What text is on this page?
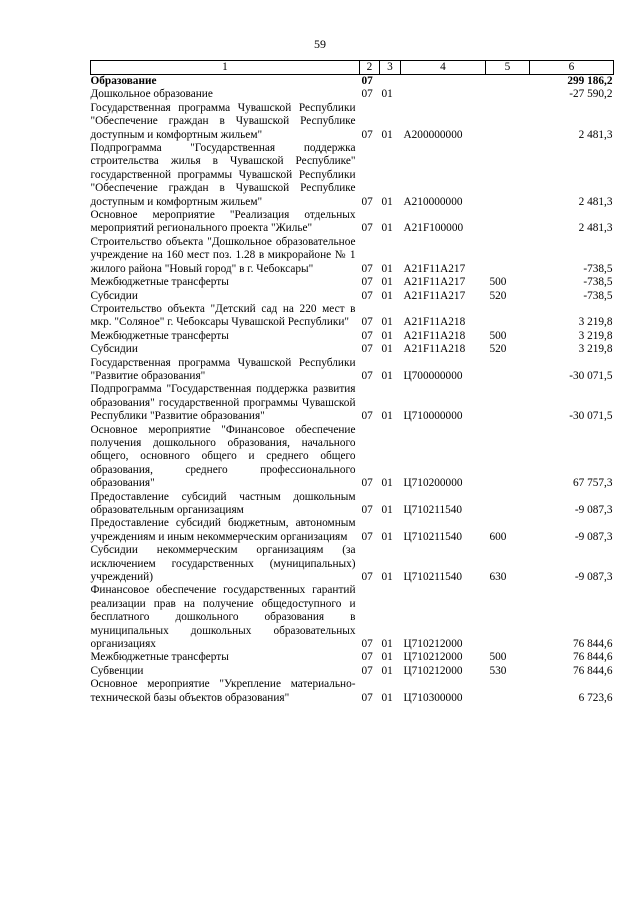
59
1	2	3	4	5	6
Образование	07				299 186,2
Дошкольное образование	07	01			-27 590,2
Государственная программа Чувашской Республики "Обеспечение граждан в Чувашской Республике доступным и комфортным жильем"	07	01	А200000000		2 481,3
Подпрограмма "Государственная поддержка строительства жилья в Чувашской Республике" государственной программы Чувашской Республики "Обеспечение граждан в Чувашской Республике доступным и комфортным жильем"	07	01	А210000000		2 481,3
Основное мероприятие "Реализация отдельных мероприятий регионального проекта "Жилье"	07	01	А21F100000		2 481,3
Строительство объекта "Дошкольное образовательное учреждение на 160 мест поз. 1.28 в микрорайоне № 1 жилого района "Новый город" в г. Чебоксары"	07	01	А21F11А217		-738,5
Межбюджетные трансферты	07	01	А21F11А217	500	-738,5
Субсидии	07	01	А21F11А217	520	-738,5
Строительство объекта "Детский сад на 220 мест в мкр. "Соляное" г. Чебоксары Чувашской Республики"	07	01	А21F11А218		3 219,8
Межбюджетные трансферты	07	01	А21F11А218	500	3 219,8
Субсидии	07	01	А21F11А218	520	3 219,8
Государственная программа Чувашской Республики "Развитие образования"	07	01	Ц700000000		-30 071,5
Подпрограмма "Государственная поддержка развития образования" государственной программы Чувашской Республики "Развитие образования"	07	01	Ц710000000		-30 071,5
Основное мероприятие "Финансовое обеспечение получения дошкольного образования, начального общего, основного общего и среднего общего образования, среднего профессионального образования"	07	01	Ц710200000		67 757,3
Предоставление субсидий частным дошкольным образовательным организациям	07	01	Ц710211540		-9 087,3
Предоставление субсидий бюджетным, автономным учреждениям и иным некоммерческим организациям	07	01	Ц710211540	600	-9 087,3
Субсидии некоммерческим организациям (за исключением государственных (муниципальных) учреждений)	07	01	Ц710211540	630	-9 087,3
Финансовое обеспечение государственных гарантий реализации прав на получение общедоступного и бесплатного дошкольного образования в муниципальных дошкольных образовательных организациях	07	01	Ц710212000		76 844,6
Межбюджетные трансферты	07	01	Ц710212000	500	76 844,6
Субвенции	07	01	Ц710212000	530	76 844,6
Основное мероприятие "Укрепление материально-технической базы объектов образования"	07	01	Ц710300000		6 723,6
